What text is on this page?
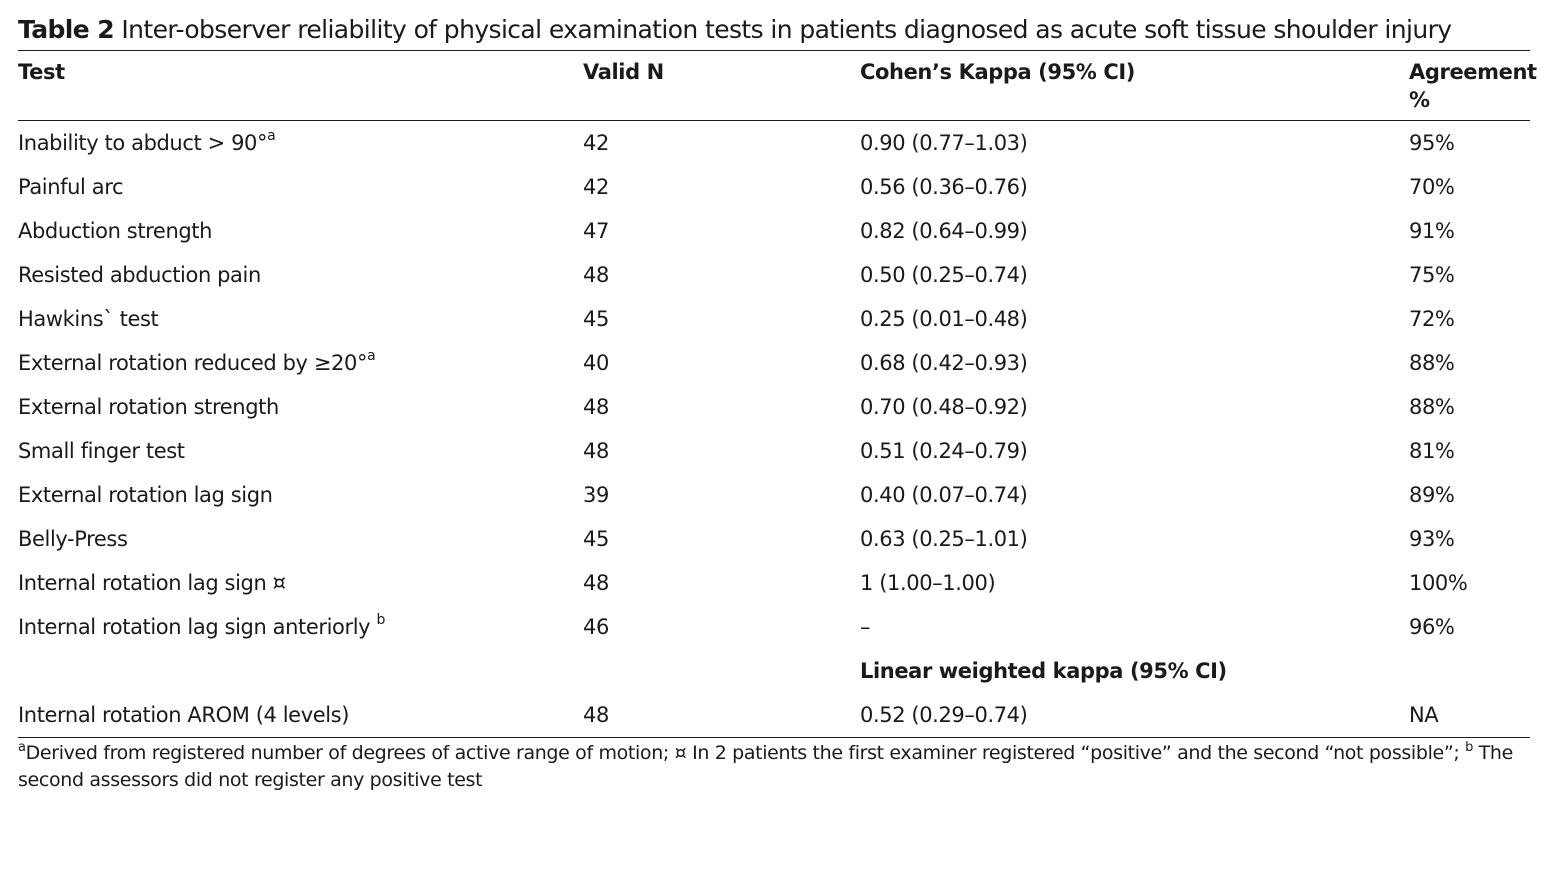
Table 2 Inter-observer reliability of physical examination tests in patients diagnosed as acute soft tissue shoulder injury
Test	Valid N	Cohen’s Kappa (95% CI)	Agreement %
Inability to abduct > 90°$^a$	42	0.90 (0.77–1.03)	95%
Painful arc	42	0.56 (0.36–0.76)	70%
Abduction strength	47	0.82 (0.64–0.99)	91%
Resisted abduction pain	48	0.50 (0.25–0.74)	75%
Hawkins` test	45	0.25 (0.01–0.48)	72%
External rotation reduced by ≥20°$^a$	40	0.68 (0.42–0.93)	88%
External rotation strength	48	0.70 (0.48–0.92)	88%
Small finger test	48	0.51 (0.24–0.79)	81%
External rotation lag sign	39	0.40 (0.07–0.74)	89%
Belly-Press	45	0.63 (0.25–1.01)	93%
Internal rotation lag sign ¤	48	1 (1.00–1.00)	100%
Internal rotation lag sign anteriorly $^b$	46	–	96%
		Linear weighted kappa (95% CI)	
Internal rotation AROM (4 levels)	48	0.52 (0.29–0.74)	NA
$^a$Derived from registered number of degrees of active range of motion; ¤ In 2 patients the first examiner registered “positive” and the second “not possible”; $^b$ The second assessors did not register any positive test
